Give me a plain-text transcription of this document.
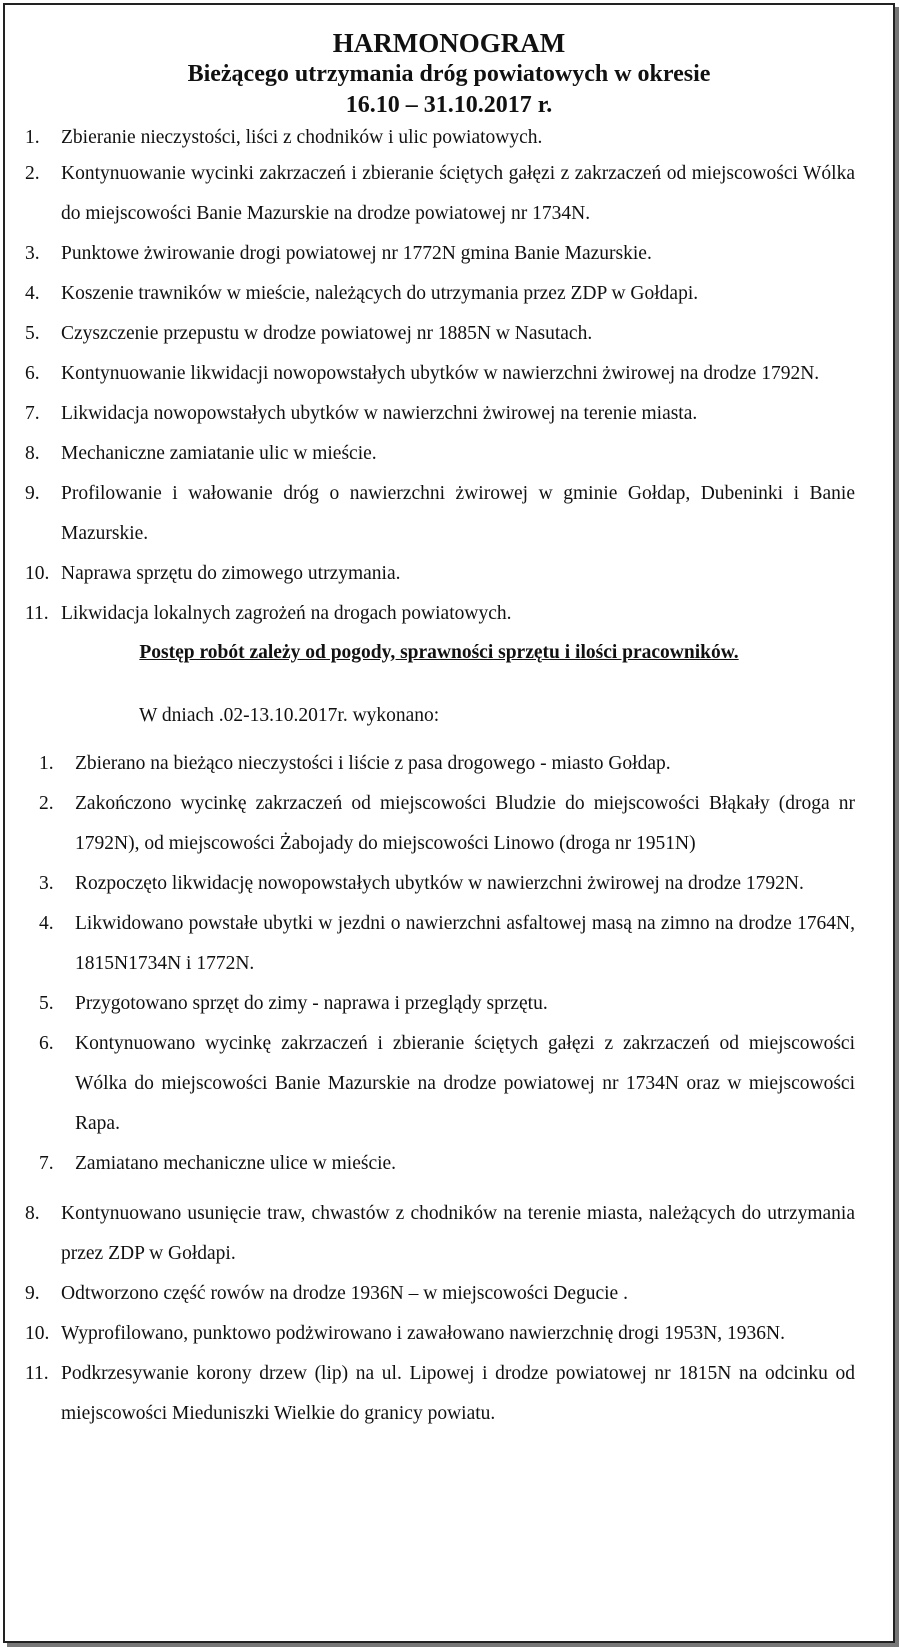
HARMONOGRAM
Bieżącego utrzymania dróg powiatowych w okresie
16.10 – 31.10.2017 r.
1. Zbieranie nieczystości, liści z chodników i ulic powiatowych.
2. Kontynuowanie wycinki zakrzaczeń i zbieranie ściętych gałęzi z zakrzaczeń od miejscowości Wólka do miejscowości Banie Mazurskie na drodze powiatowej nr 1734N.
3. Punktowe żwirowanie drogi powiatowej nr 1772N gmina Banie Mazurskie.
4. Koszenie trawników w mieście, należących do utrzymania przez ZDP w Gołdapi.
5. Czyszczenie przepustu w drodze powiatowej nr 1885N w Nasutach.
6. Kontynuowanie likwidacji nowopowstałych ubytków w nawierzchni żwirowej na drodze 1792N.
7. Likwidacja nowopowstałych ubytków w nawierzchni żwirowej na terenie miasta.
8. Mechaniczne zamiatanie ulic w mieście.
9. Profilowanie i wałowanie dróg o nawierzchni żwirowej w gminie Gołdap, Dubeninki i Banie Mazurskie.
10. Naprawa sprzętu do zimowego utrzymania.
11. Likwidacja lokalnych zagrożeń na drogach powiatowych.
Postęp robót zależy od pogody, sprawności sprzętu i ilości pracowników.
W dniach .02-13.10.2017r. wykonano:
1. Zbierano na bieżąco nieczystości i liście z pasa drogowego - miasto Gołdap.
2. Zakończono wycinkę zakrzaczeń od miejscowości Bludzie do miejscowości Błąkały (droga nr 1792N), od miejscowości Żabojady do miejscowości Linowo (droga nr 1951N)
3. Rozpoczęto likwidację nowopowstałych ubytków w nawierzchni żwirowej na drodze 1792N.
4. Likwidowano powstałe ubytki w jezdni o nawierzchni asfaltowej masą na zimno na drodze 1764N, 1815N1734N i 1772N.
5. Przygotowano sprzęt do zimy - naprawa i przeglądy sprzętu.
6. Kontynuowano wycinkę zakrzaczeń i zbieranie ściętych gałęzi z zakrzaczeń od miejscowości Wólka do miejscowości Banie Mazurskie na drodze powiatowej nr 1734N oraz w miejscowości Rapa.
7. Zamiatano mechaniczne ulice w mieście.
8. Kontynuowano usunięcie traw, chwastów z chodników na terenie miasta, należących do utrzymania przez ZDP w Gołdapi.
9. Odtworzono część rowów na drodze 1936N – w miejscowości Degucie .
10. Wyprofilowano, punktowo podżwirowano i zawałowano nawierzchnię drogi 1953N, 1936N.
11. Podkrzesywanie korony drzew (lip) na ul. Lipowej i drodze powiatowej nr 1815N na odcinku od miejscowości Mieduniszki Wielkie do granicy powiatu.
